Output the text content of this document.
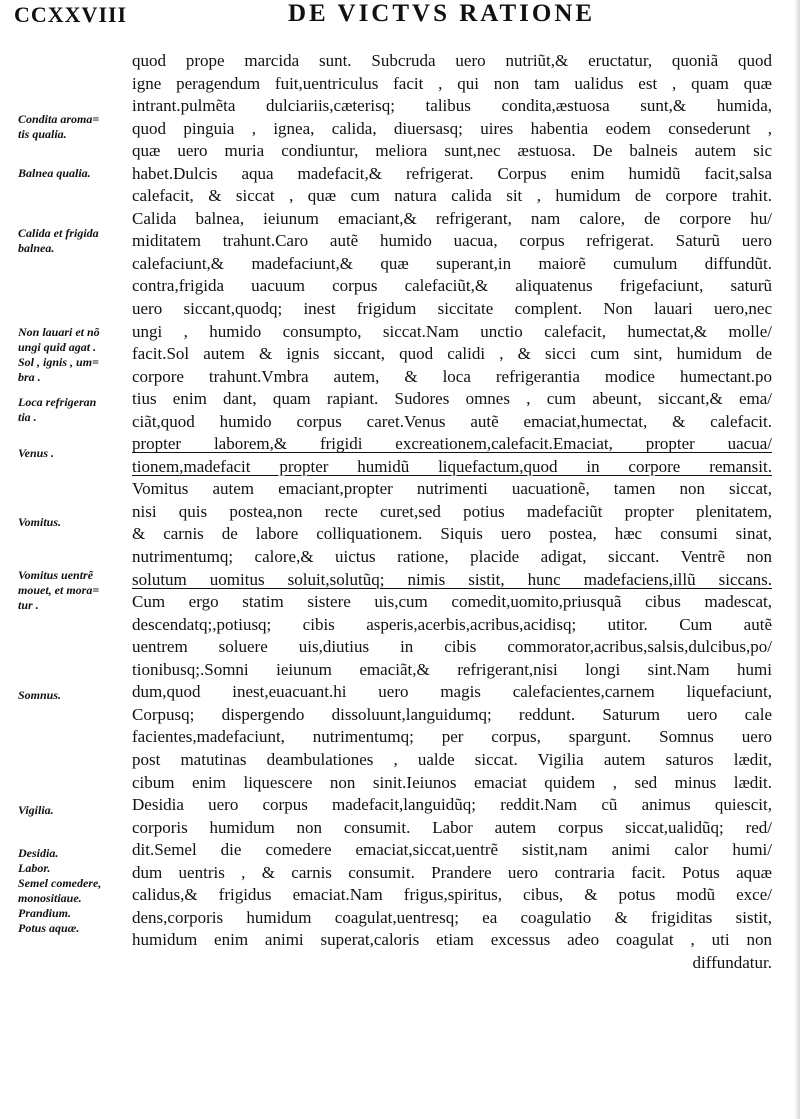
CCXXVIII	DE VICTVS RATIONE
quod prope marcida sunt. Subcruda uero nutriũt,& eructatur, quoniã quod
igne peragendum fuit,uentriculus facit , qui non tam ualidus est , quam quæ
intrant.pulmẽta dulciariis,cæterisq; talibus condita,æstuosa sunt,& humida,
quod pinguia , ignea, calida, diuersasq; uires habentia eodem consederunt ,
quæ uero muria condiuntur, meliora sunt,nec æstuosa. De balneis autem sic
habet.Dulcis aqua madefacit,& refrigerat. Corpus enim humidũ facit,salsa
calefacit, & siccat , quæ cum natura calida sit , humidum de corpore trahit.
Calida balnea, ieiunum emaciant,& refrigerant, nam calore, de corpore hu/
miditatem trahunt.Caro autẽ humido uacua, corpus refrigerat. Saturũ uero
calefaciunt,& madefaciunt,& quæ superant,in maiorẽ cumulum diffundũt.
contra,frigida uacuum corpus calefaciũt,& aliquatenus frigefaciunt, saturũ
uero siccant,quodq; inest frigidum siccitate complent. Non lauari uero,nec
ungi , humido consumpto, siccat.Nam unctio calefacit, humectat,& molle/
facit.Sol autem & ignis siccant, quod calidi , & sicci cum sint, humidum de
corpore trahunt.Vmbra autem, & loca refrigerantia modice humectant.po
tius enim dant, quam rapiant. Sudores omnes , cum abeunt, siccant,& ema/
ciãt,quod humido corpus caret.Venus autẽ emaciat,humectat, & calefacit.
propter laborem,& frigidi excreationem,calefacit.Emaciat, propter uacua/
tionem,madefacit propter humidũ liquefactum,quod in corpore remansit.
Vomitus autem emaciant,propter nutrimenti uacuationẽ, tamen non siccat,
nisi quis postea,non recte curet,sed potius madefaciũt propter plenitatem,
& carnis de labore colliquationem. Siquis uero postea, hæc consumi sinat,
nutrimentumq; calore,& uictus ratione, placide adigat, siccant. Ventrẽ non
solutum uomitus soluit,solutũq; nimis sistit, hunc madefaciens,illũ siccans.
Cum ergo statim sistere uis,cum comedit,uomito,priusquã cibus madescat,
descendatq;,potiusq; cibis asperis,acerbis,acribus,acidisq; utitor. Cum autẽ
uentrem soluere uis,diutius in cibis commorator,acribus,salsis,dulcibus,po/
tionibusq;.Somni ieiunum emaciãt,& refrigerant,nisi longi sint.Nam humi
dum,quod inest,euacuant.hi uero magis calefacientes,carnem liquefaciunt,
Corpusq; dispergendo dissoluunt,languidumq; reddunt. Saturum uero cale
facientes,madefaciunt, nutrimentumq; per corpus, spargunt. Somnus uero
post matutinas deambulationes , ualde siccat. Vigilia autem saturos lædit,
cibum enim liquescere non sinit.Ieiunos emaciat quidem , sed minus lædit.
Desidia uero corpus madefacit,languidũq; reddit.Nam cũ animus quiescit,
corporis humidum non consumit. Labor autem corpus siccat,ualidũq; red/
dit.Semel die comedere emaciat,siccat,uentrẽ sistit,nam animi calor humi/
dum uentris , & carnis consumit. Prandere uero contraria facit. Potus aquæ
calidus,& frigidus emaciat.Nam frigus,spiritus, cibus, & potus modũ exce/
dens,corporis humidum coagulat,uentresq; ea coagulatio & frigiditas sistit,
humidum enim animi superat,caloris etiam excessus adeo coagulat , uti non
diffundatur.
Condita aroma=
tis qualia.
Balnea qualia.
Calida et frigida
balnea.
Non lauari et nõ
ungi quid agat .
Sol , ignis , um=
bra .
Loca refrigeran
tia .
Venus .
Vomitus.
Vomitus uentrẽ
mouet, et mora=
tur .
Somnus.
Vigilia.
Desidia.
Labor.
Semel comedere,
monositiaue.
Prandium.
Potus aquæ.
